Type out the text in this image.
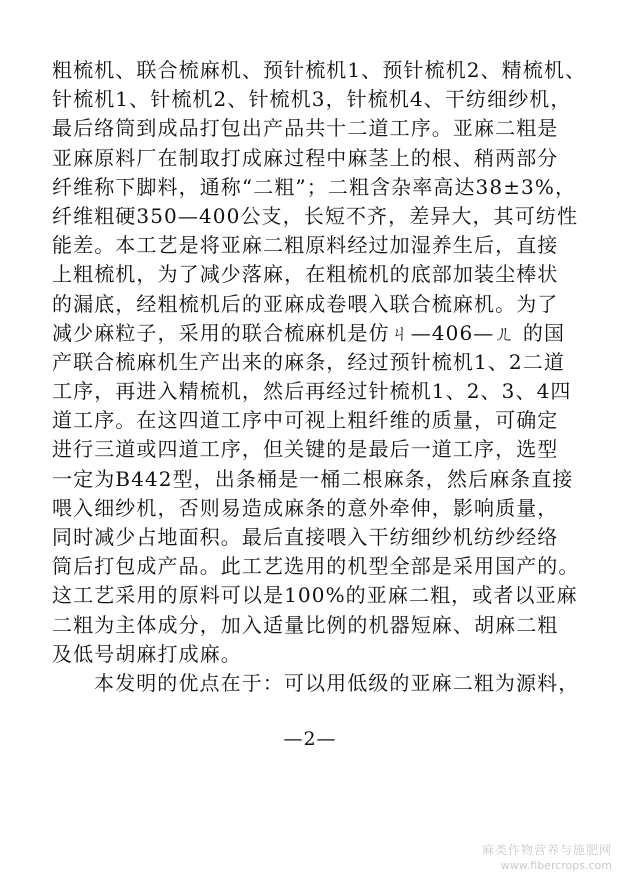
粗梳机、联合梳麻机、预针梳机1、预针梳机2、精梳机、
针梳机1、针梳机2、针梳机3，针梳机4、干纺细纱机，
最后络筒到成品打包出产品共十二道工序。亚麻二粗是
亚麻原料厂在制取打成麻过程中麻茎上的根、稍两部分
纤维称下脚料，通称“二粗”；二粗含杂率高达38±3%，
纤维粗硬350—400公支，长短不齐，差异大，其可纺性
能差。本工艺是将亚麻二粗原料经过加湿养生后，直接
上粗梳机，为了减少落麻，在粗梳机的底部加装尘棒状
的漏底，经粗梳机后的亚麻成卷喂入联合梳麻机。为了
减少麻粒子，采用的联合梳麻机是仿ㄐ—406—ㄦ 的国
产联合梳麻机生产出来的麻条，经过预针梳机1、2二道
工序，再进入精梳机，然后再经过针梳机1、2、3、4四
道工序。在这四道工序中可视上粗纤维的质量，可确定
进行三道或四道工序，但关键的是最后一道工序，选型
一定为B442型，出条桶是一桶二根麻条，然后麻条直接
喂入细纱机，否则易造成麻条的意外牵伸，影响质量，
同时减少占地面积。最后直接喂入干纺细纱机纺纱经络
筒后打包成产品。此工艺选用的机型全部是采用国产的。
这工艺采用的原料可以是100%的亚麻二粗，或者以亚麻
二粗为主体成分，加入适量比例的机器短麻、胡麻二粗
及低号胡麻打成麻。
本发明的优点在于：可以用低级的亚麻二粗为源料，
—2—
麻类作物营养与施肥网
www.fibercrops.com
